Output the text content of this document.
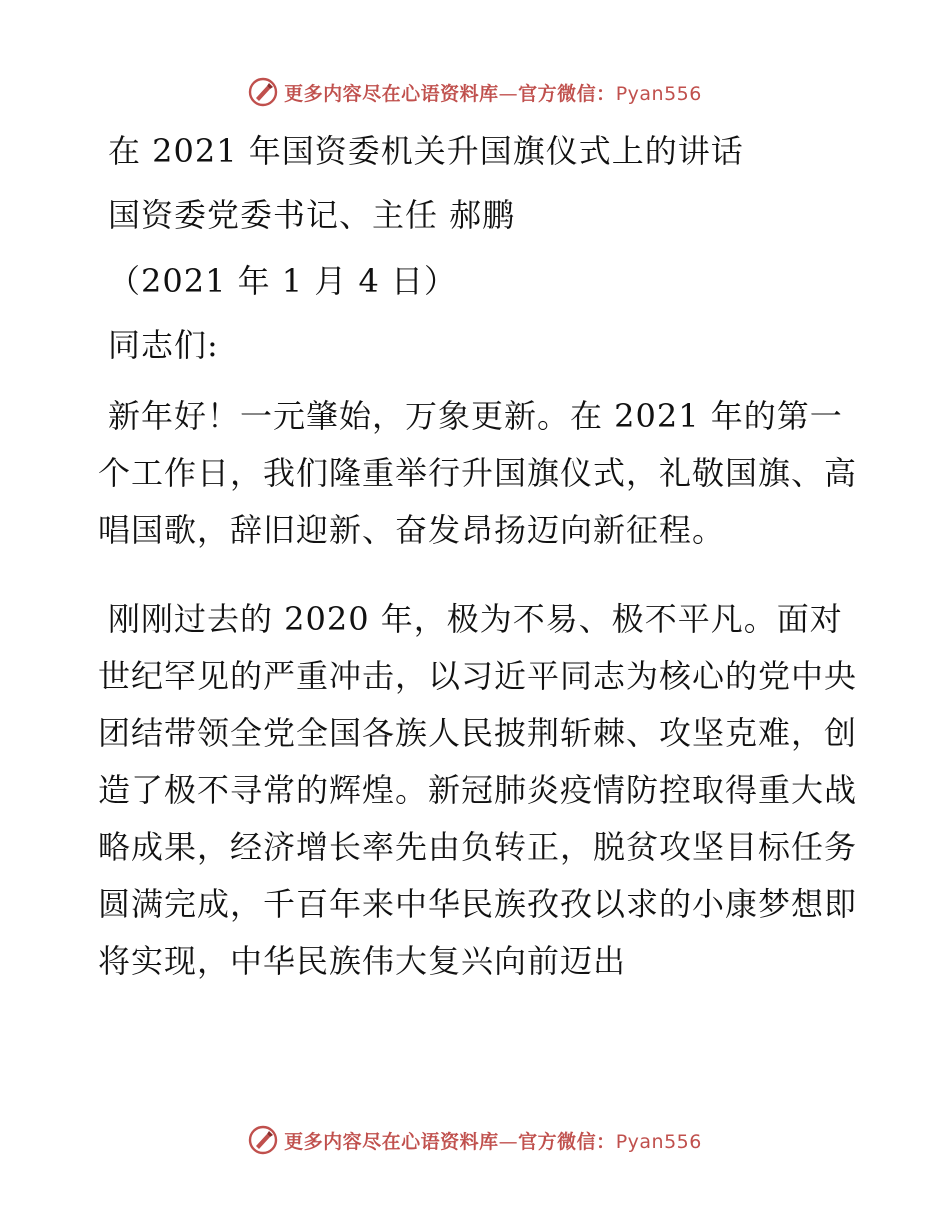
更多内容尽在心语资料库—官方微信：Pyan556
在 2021 年国资委机关升国旗仪式上的讲话
国资委党委书记、主任 郝鹏
（2021 年 1 月 4 日）
同志们:

新年好！一元肇始，万象更新。在 2021 年的第一个工作日，我们隆重举行升国旗仪式，礼敬国旗、高唱国歌，辞旧迎新、奋发昂扬迈向新征程。

刚刚过去的 2020 年，极为不易、极不平凡。面对世纪罕见的严重冲击，以习近平同志为核心的党中央团结带领全党全国各族人民披荆斩棘、攻坚克难，创造了极不寻常的辉煌。新冠肺炎疫情防控取得重大战略成果，经济增长率先由负转正，脱贫攻坚目标任务圆满完成，千百年来中华民族孜孜以求的小康梦想即将实现，中华民族伟大复兴向前迈出

更多内容尽在心语资料库—官方微信：Pyan556
